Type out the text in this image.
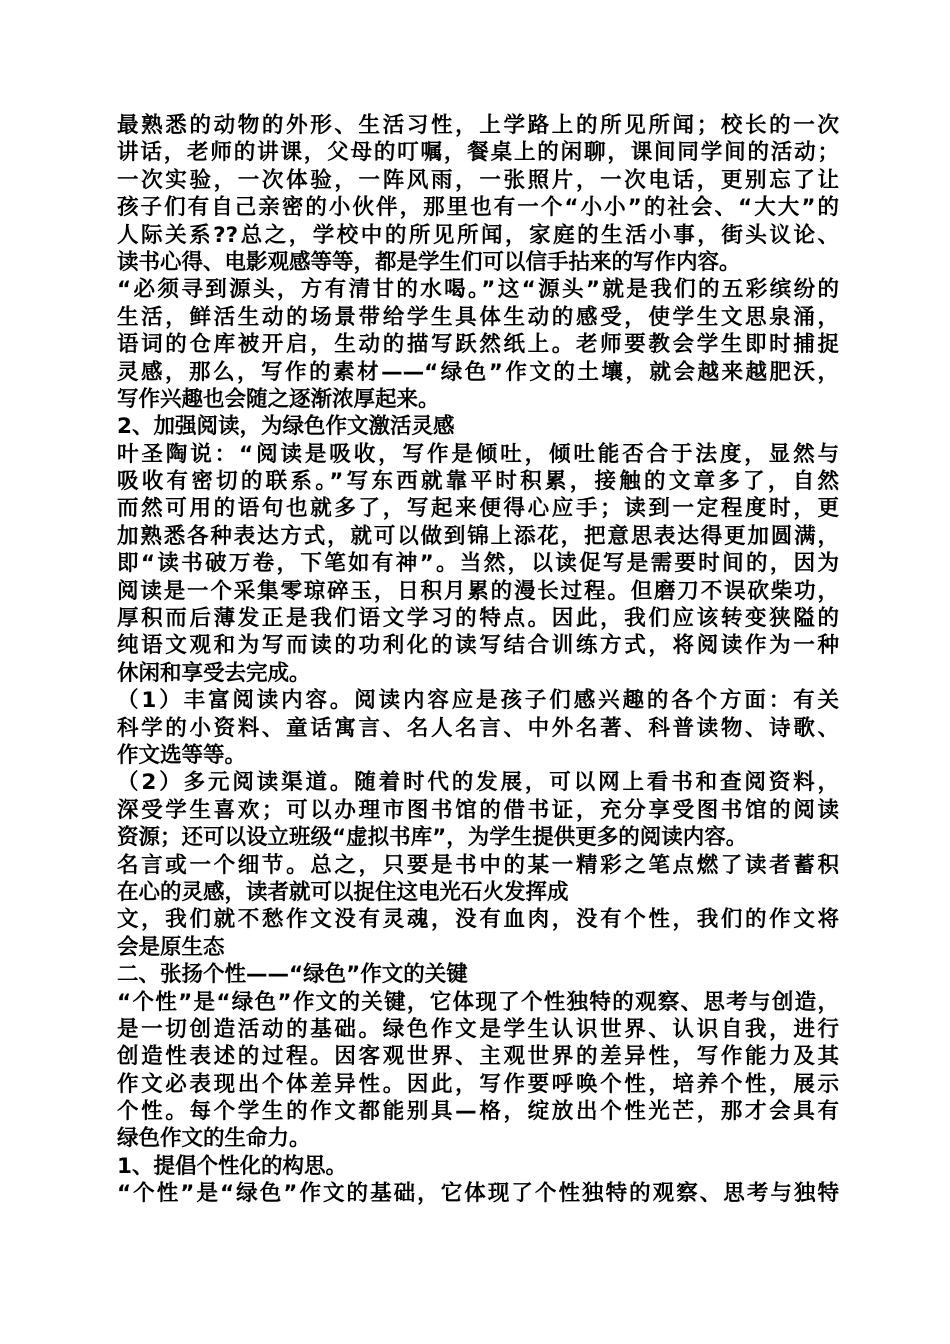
最熟悉的动物的外形、生活习性，上学路上的所见所闻；校长的一次
讲话，老师的讲课，父母的叮嘱，餐桌上的闲聊，课间同学间的活动；
一次实验，一次体验，一阵风雨，一张照片，一次电话，更别忘了让
孩子们有自己亲密的小伙伴，那里也有一个“小小”的社会、“大大”的
人际关系??总之，学校中的所见所闻，家庭的生活小事，街头议论、
读书心得、电影观感等等，都是学生们可以信手拈来的写作内容。
“必须寻到源头，方有清甘的水喝。”这“源头”就是我们的五彩缤纷的
生活，鲜活生动的场景带给学生具体生动的感受，使学生文思泉涌，
语词的仓库被开启，生动的描写跃然纸上。老师要教会学生即时捕捉
灵感，那么，写作的素材——“绿色”作文的土壤，就会越来越肥沃，
写作兴趣也会随之逐渐浓厚起来。
2、加强阅读，为绿色作文激活灵感
叶圣陶说：“阅读是吸收，写作是倾吐，倾吐能否合于法度，显然与
吸收有密切的联系。”写东西就靠平时积累，接触的文章多了，自然
而然可用的语句也就多了，写起来便得心应手；读到一定程度时，更
加熟悉各种表达方式，就可以做到锦上添花，把意思表达得更加圆满，
即“读书破万卷，下笔如有神”。当然，以读促写是需要时间的，因为
阅读是一个采集零琼碎玉，日积月累的漫长过程。但磨刀不误砍柴功，
厚积而后薄发正是我们语文学习的特点。因此，我们应该转变狭隘的
纯语文观和为写而读的功利化的读写结合训练方式，将阅读作为一种
休闲和享受去完成。
（1）丰富阅读内容。阅读内容应是孩子们感兴趣的各个方面：有关
科学的小资料、童话寓言、名人名言、中外名著、科普读物、诗歌、
作文选等等。
（2）多元阅读渠道。随着时代的发展，可以网上看书和查阅资料，
深受学生喜欢；可以办理市图书馆的借书证，充分享受图书馆的阅读
资源；还可以设立班级“虚拟书库”，为学生提供更多的阅读内容。
名言或一个细节。总之，只要是书中的某一精彩之笔点燃了读者蓄积
在心的灵感，读者就可以捉住这电光石火发挥成
文，我们就不愁作文没有灵魂，没有血肉，没有个性，我们的作文将
会是原生态
二、张扬个性——“绿色”作文的关键
“个性”是“绿色”作文的关键，它体现了个性独特的观察、思考与创造，
是一切创造活动的基础。绿色作文是学生认识世界、认识自我，进行
创造性表述的过程。因客观世界、主观世界的差异性，写作能力及其
作文必表现出个体差异性。因此，写作要呼唤个性，培养个性，展示
个性。每个学生的作文都能别具—格，绽放出个性光芒，那才会具有
绿色作文的生命力。
1、提倡个性化的构思。
“个性”是“绿色”作文的基础，它体现了个性独特的观察、思考与独特
